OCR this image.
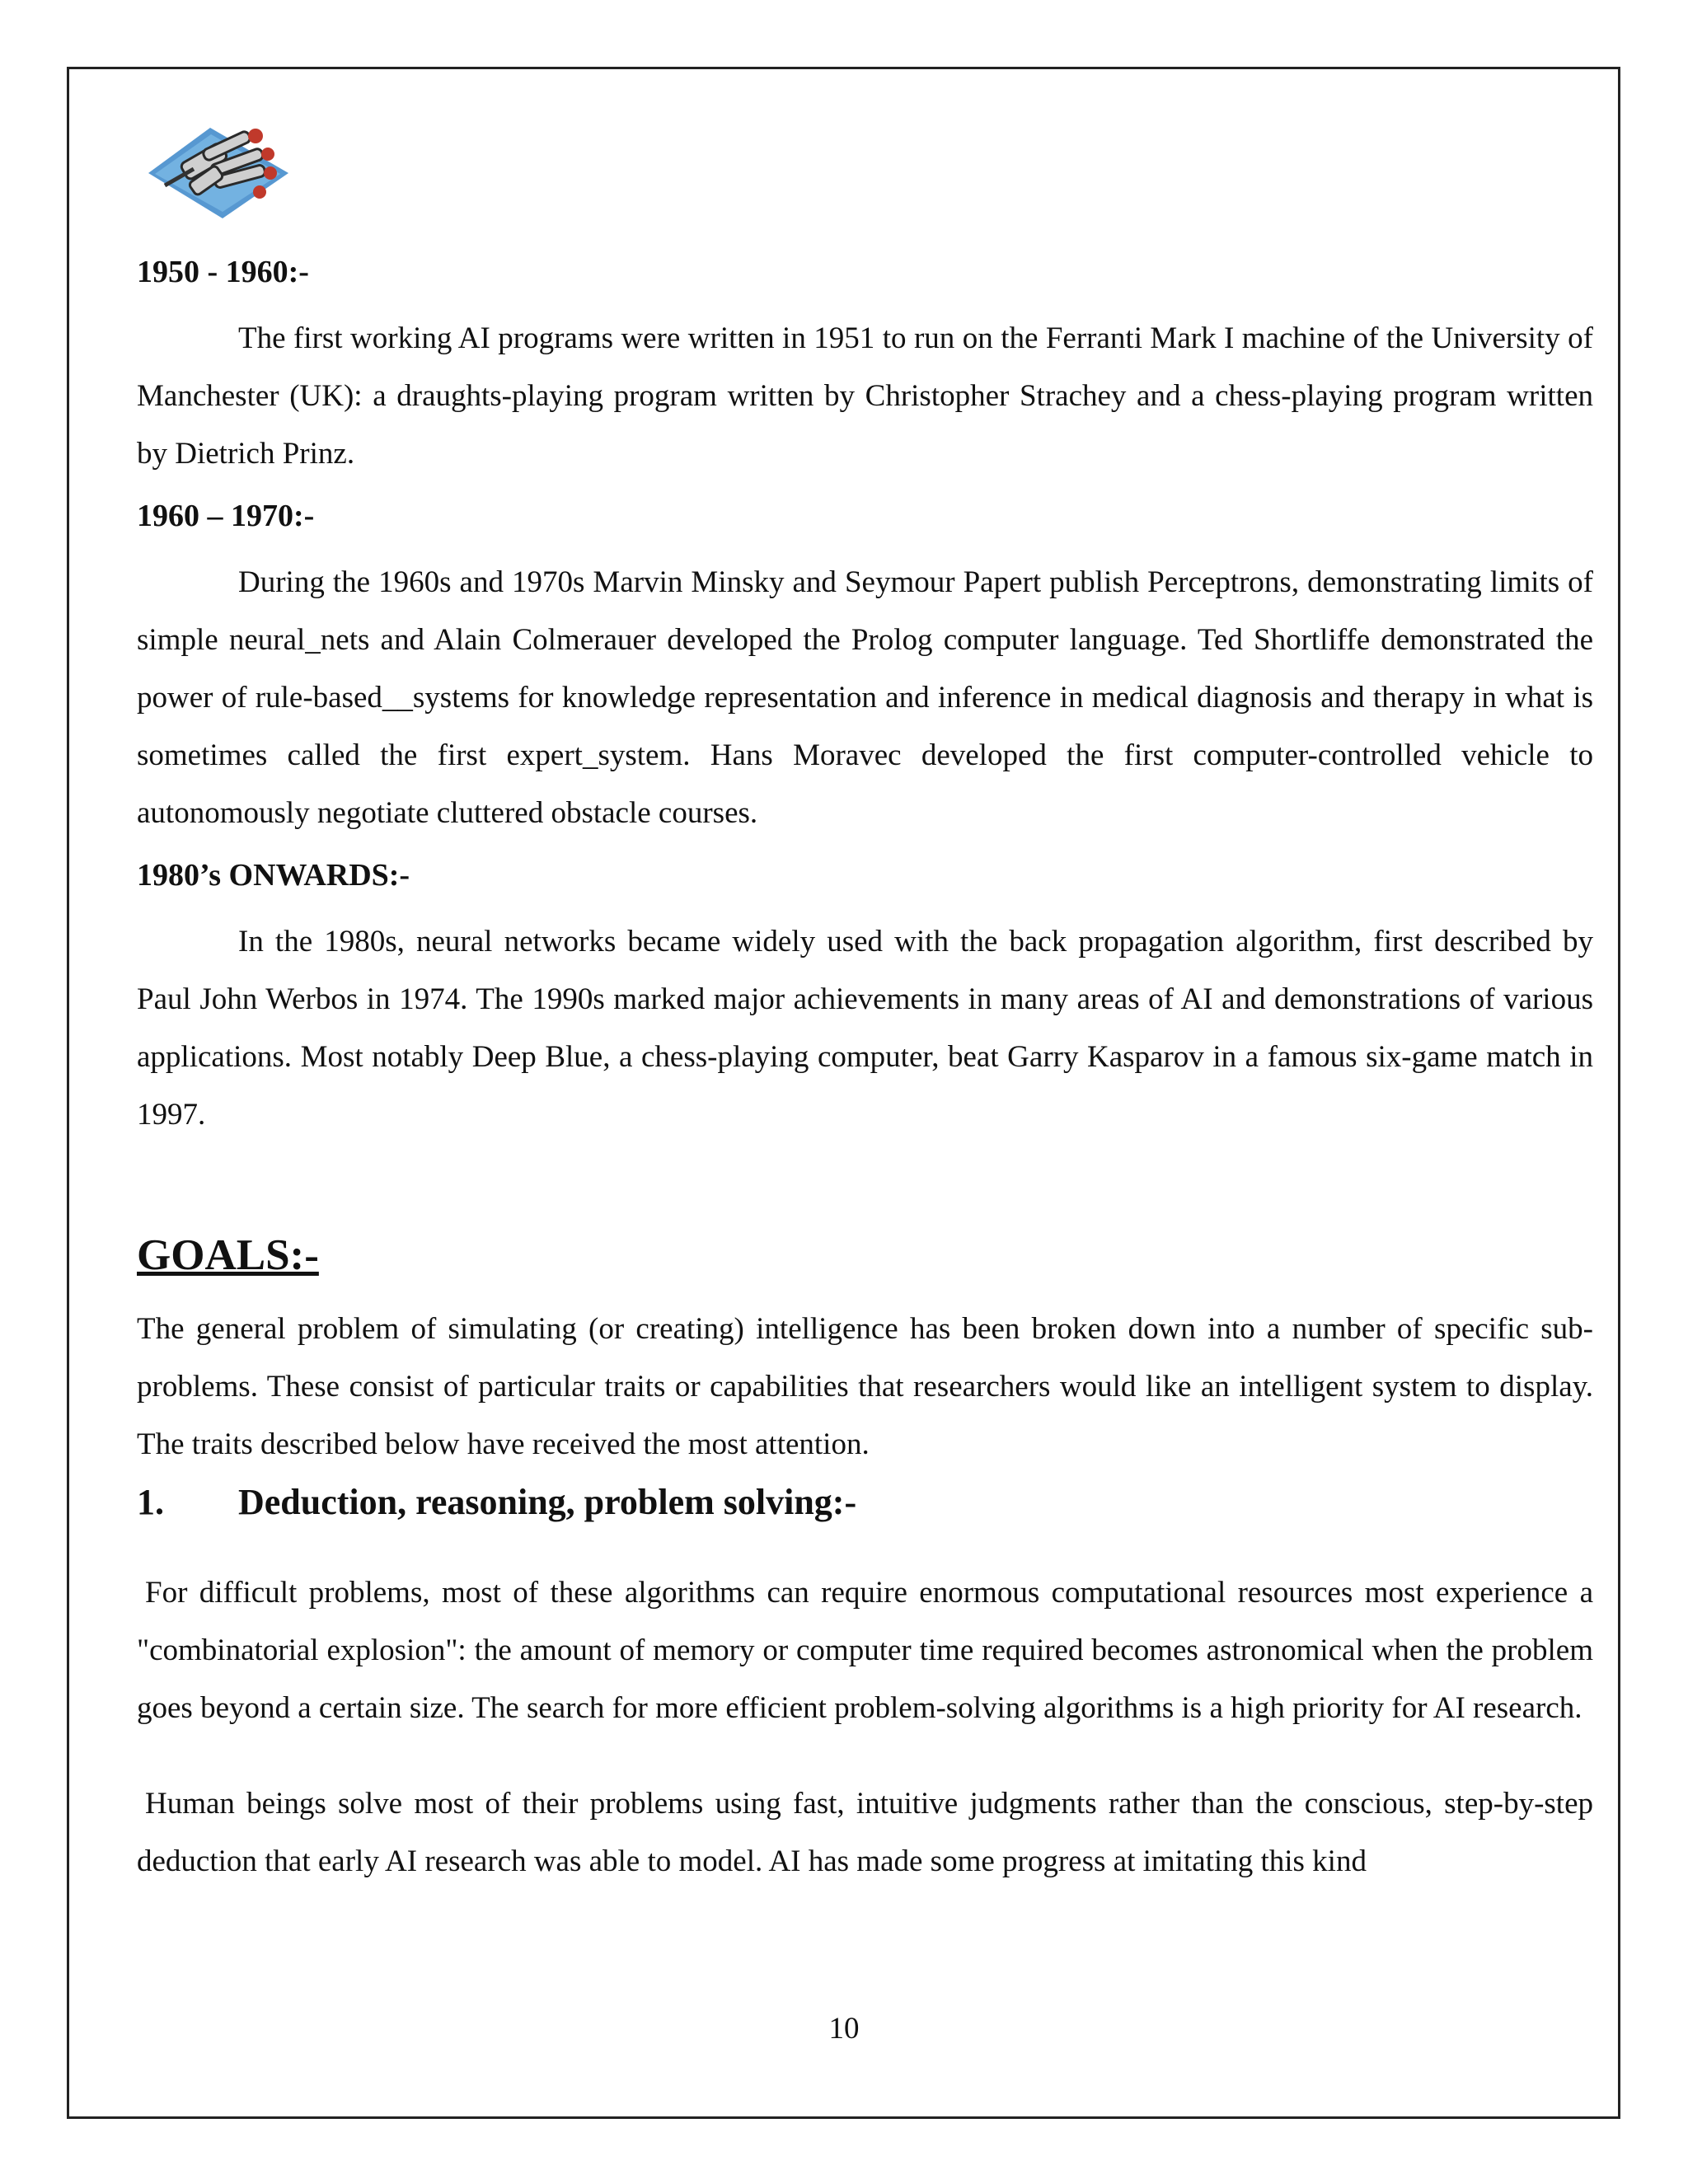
1950 - 1960:-

The first working AI programs were written in 1951 to run on the Ferranti Mark I machine of the University of Manchester (UK): a draughts-playing program written by Christopher Strachey and a chess-playing program written by Dietrich Prinz.

1960 – 1970:-

During the 1960s and 1970s Marvin Minsky and Seymour Papert publish Perceptrons, demonstrating limits of simple neural_nets and Alain Colmerauer developed the Prolog computer language. Ted Shortliffe demonstrated the power of rule-based__systems for knowledge representation and inference in medical diagnosis and therapy in what is sometimes called the first expert_system. Hans Moravec developed the first computer-controlled vehicle to autonomously negotiate cluttered obstacle courses.

1980’s ONWARDS:-

In the 1980s, neural networks became widely used with the back propagation algorithm, first described by Paul John Werbos in 1974. The 1990s marked major achievements in many areas of AI and demonstrations of various applications. Most notably Deep Blue, a chess-playing computer, beat Garry Kasparov in a famous six-game match in 1997.

GOALS:-

The general problem of simulating (or creating) intelligence has been broken down into a number of specific sub-problems. These consist of particular traits or capabilities that researchers would like an intelligent system to display. The traits described below have received the most attention.

1.	Deduction, reasoning, problem solving:-

For difficult problems, most of these algorithms can require enormous computational resources most experience a "combinatorial explosion": the amount of memory or computer time required becomes astronomical when the problem goes beyond a certain size. The search for more efficient problem-solving algorithms is a high priority for AI research.

Human beings solve most of their problems using fast, intuitive judgments rather than the conscious, step-by-step deduction that early AI research was able to model. AI has made some progress at imitating this kind

10
